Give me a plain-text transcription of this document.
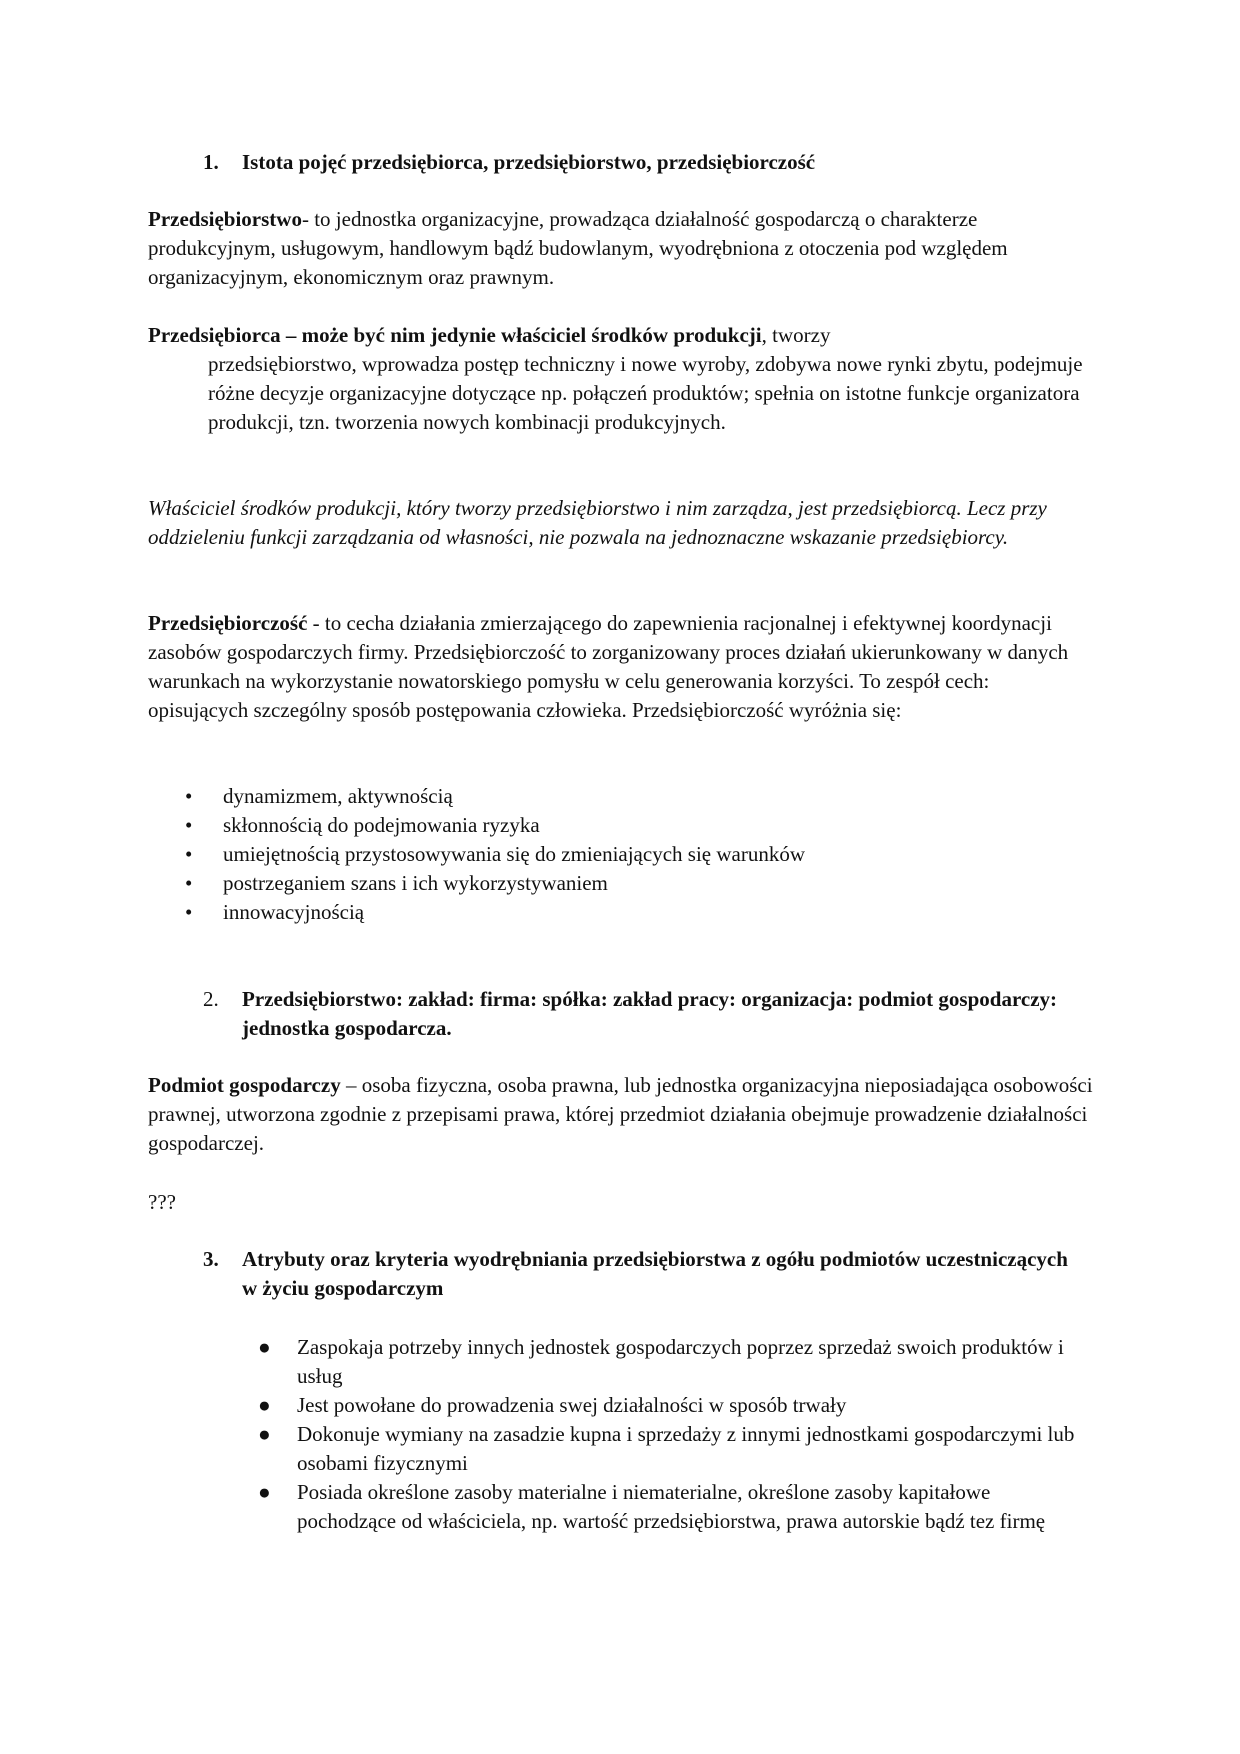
1. Istota pojęć przedsiębiorca, przedsiębiorstwo, przedsiębiorczość
Przedsiębiorstwo- to jednostka organizacyjne, prowadząca działalność gospodarczą o charakterze produkcyjnym, usługowym, handlowym bądź budowlanym, wyodrębniona z otoczenia pod względem organizacyjnym, ekonomicznym oraz prawnym.
Przedsiębiorca – może być nim jedynie właściciel środków produkcji, tworzy
przedsiębiorstwo, wprowadza postęp techniczny i nowe wyroby, zdobywa nowe rynki zbytu, podejmuje różne decyzje organizacyjne dotyczące np. połączeń produktów; spełnia on istotne funkcje organizatora produkcji, tzn. tworzenia nowych kombinacji produkcyjnych.
Właściciel środków produkcji, który tworzy przedsiębiorstwo i nim zarządza, jest przedsiębiorcą. Lecz przy oddzieleniu funkcji zarządzania od własności, nie pozwala na jednoznaczne wskazanie przedsiębiorcy.
Przedsiębiorczość - to cecha działania zmierzającego do zapewnienia racjonalnej i efektywnej koordynacji zasobów gospodarczych firmy. Przedsiębiorczość to zorganizowany proces działań ukierunkowany w danych warunkach na wykorzystanie nowatorskiego pomysłu w celu generowania korzyści. To zespół cech: opisujących szczególny sposób postępowania człowieka. Przedsiębiorczość wyróżnia się:
• dynamizmem, aktywnością
• skłonnością do podejmowania ryzyka
• umiejętnością przystosowywania się do zmieniających się warunków
• postrzeganiem szans i ich wykorzystywaniem
• innowacyjnością
2. Przedsiębiorstwo: zakład: firma: spółka: zakład pracy: organizacja: podmiot gospodarczy: jednostka gospodarcza.
Podmiot gospodarczy – osoba fizyczna, osoba prawna, lub jednostka organizacyjna nieposiadająca osobowości prawnej, utworzona zgodnie z przepisami prawa, której przedmiot działania obejmuje prowadzenie działalności gospodarczej.
???
3. Atrybuty oraz kryteria wyodrębniania przedsiębiorstwa z ogółu podmiotów uczestniczących w życiu gospodarczym
● Zaspokaja potrzeby innych jednostek gospodarczych poprzez sprzedaż swoich produktów i usług
● Jest powołane do prowadzenia swej działalności w sposób trwały
● Dokonuje wymiany na zasadzie kupna i sprzedaży z innymi jednostkami gospodarczymi lub osobami fizycznymi
● Posiada określone zasoby materialne i niematerialne, określone zasoby kapitałowe pochodzące od właściciela, np. wartość przedsiębiorstwa, prawa autorskie bądź tez firmę
